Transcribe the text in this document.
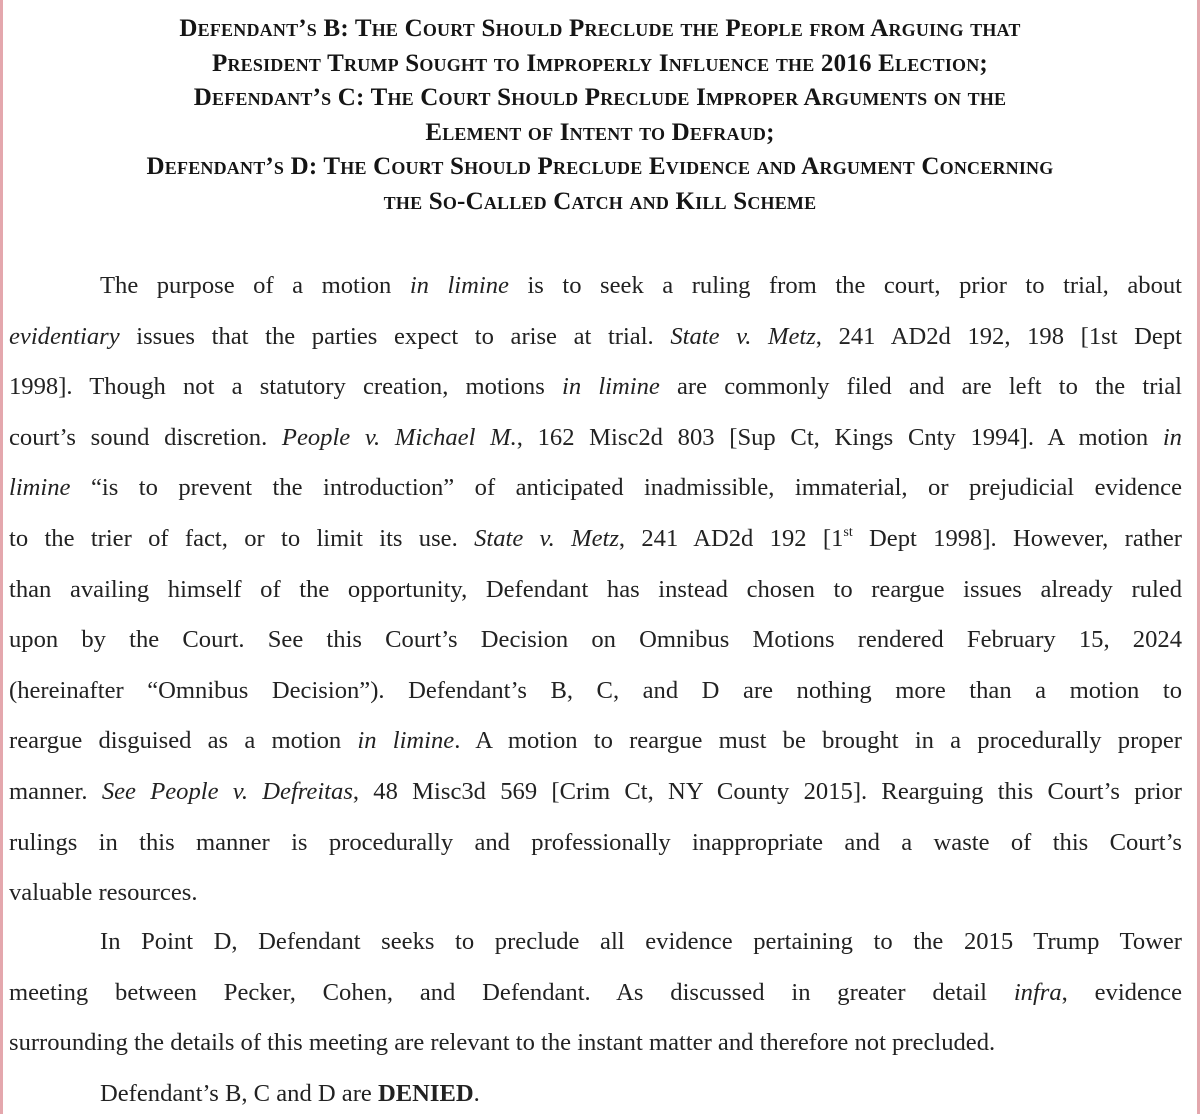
Defendant’s B: The Court Should Preclude the People from Arguing that
President Trump Sought to Improperly Influence the 2016 Election;
Defendant’s C: The Court Should Preclude Improper Arguments on the
Element of Intent to Defraud;
Defendant’s D: The Court Should Preclude Evidence and Argument Concerning
the So-Called Catch and Kill Scheme

The purpose of a motion in limine is to seek a ruling from the court, prior to trial, about
evidentiary issues that the parties expect to arise at trial. State v. Metz, 241 AD2d 192, 198 [1st Dept
1998]. Though not a statutory creation, motions in limine are commonly filed and are left to the trial
court’s sound discretion. People v. Michael M., 162 Misc2d 803 [Sup Ct, Kings Cnty 1994]. A motion in
limine “is to prevent the introduction” of anticipated inadmissible, immaterial, or prejudicial evidence
to the trier of fact, or to limit its use. State v. Metz, 241 AD2d 192 [1st Dept 1998]. However, rather
than availing himself of the opportunity, Defendant has instead chosen to reargue issues already ruled
upon by the Court. See this Court’s Decision on Omnibus Motions rendered February 15, 2024
(hereinafter “Omnibus Decision”). Defendant’s B, C, and D are nothing more than a motion to
reargue disguised as a motion in limine. A motion to reargue must be brought in a procedurally proper
manner. See People v. Defreitas, 48 Misc3d 569 [Crim Ct, NY County 2015]. Rearguing this Court’s prior
rulings in this manner is procedurally and professionally inappropriate and a waste of this Court’s
valuable resources.

In Point D, Defendant seeks to preclude all evidence pertaining to the 2015 Trump Tower
meeting between Pecker, Cohen, and Defendant. As discussed in greater detail infra, evidence
surrounding the details of this meeting are relevant to the instant matter and therefore not precluded.

Defendant’s B, C and D are DENIED.
